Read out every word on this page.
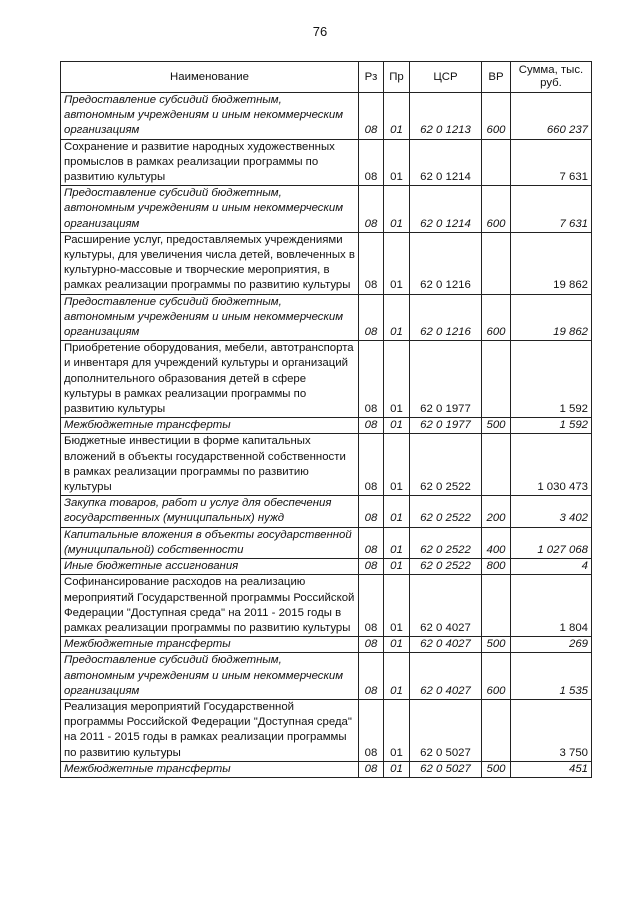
76
Наименование	Рз	Пр	ЦСР	ВР	Сумма, тыс. руб.
Предоставление субсидий бюджетным, автономным учреждениям и иным некоммерческим организациям	08	01	62 0 1213	600	660 237
Сохранение и развитие народных художественных промыслов в рамках реализации программы по развитию культуры	08	01	62 0 1214		7 631
Предоставление субсидий бюджетным, автономным учреждениям и иным некоммерческим организациям	08	01	62 0 1214	600	7 631
Расширение услуг, предоставляемых учреждениями культуры, для увеличения числа детей, вовлеченных в культурно-массовые и творческие мероприятия, в рамках реализации программы по развитию культуры	08	01	62 0 1216		19 862
Предоставление субсидий бюджетным, автономным учреждениям и иным некоммерческим организациям	08	01	62 0 1216	600	19 862
Приобретение оборудования, мебели, автотранспорта и инвентаря для учреждений культуры и организаций дополнительного образования детей в сфере культуры в рамках реализации программы по развитию культуры	08	01	62 0 1977		1 592
Межбюджетные трансферты	08	01	62 0 1977	500	1 592
Бюджетные инвестиции в форме капитальных вложений в объекты государственной собственности в рамках реализации программы по развитию культуры	08	01	62 0 2522		1 030 473
Закупка товаров, работ и услуг для обеспечения государственных (муниципальных) нужд	08	01	62 0 2522	200	3 402
Капитальные вложения в объекты государственной (муниципальной) собственности	08	01	62 0 2522	400	1 027 068
Иные бюджетные ассигнования	08	01	62 0 2522	800	4
Софинансирование расходов на реализацию мероприятий Государственной программы Российской Федерации "Доступная среда" на 2011 - 2015 годы в рамках реализации программы по развитию культуры	08	01	62 0 4027		1 804
Межбюджетные трансферты	08	01	62 0 4027	500	269
Предоставление субсидий бюджетным, автономным учреждениям и иным некоммерческим организациям	08	01	62 0 4027	600	1 535
Реализация мероприятий Государственной программы Российской Федерации "Доступная среда" на 2011 - 2015 годы в рамках реализации программы по развитию культуры	08	01	62 0 5027		3 750
Межбюджетные трансферты	08	01	62 0 5027	500	451
